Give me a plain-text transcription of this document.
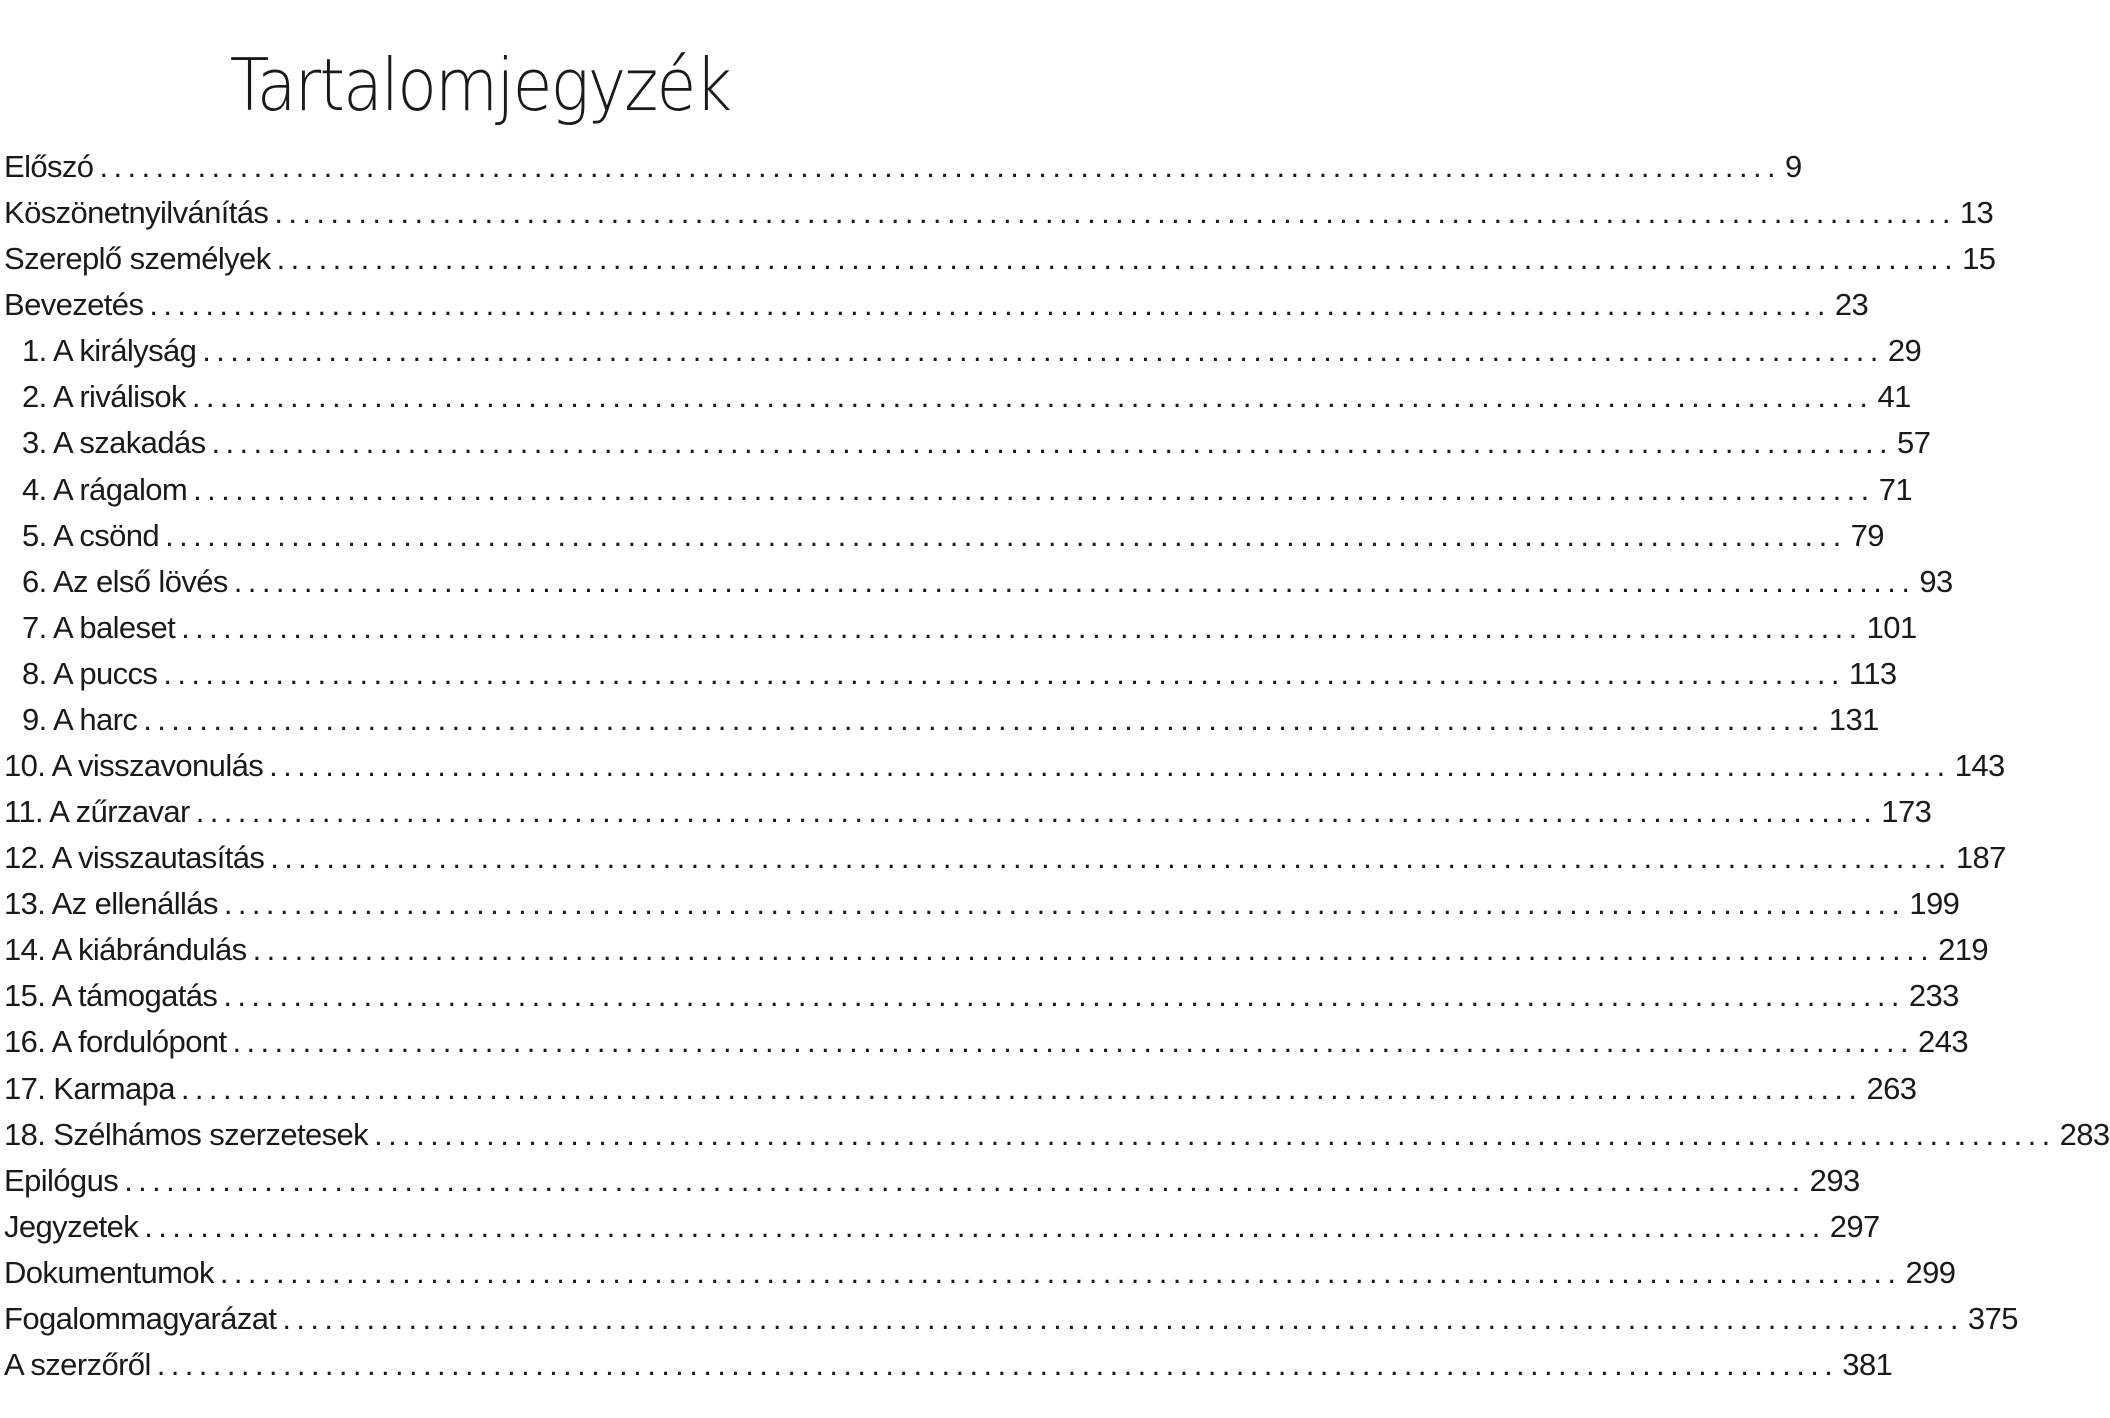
Tartalomjegyzék
Előszó ........................................................................................................................ 9
Köszönetnyilvánítás ........................................................................................................................ 13
Szereplő személyek ........................................................................................................................ 15
Bevezetés ........................................................................................................................ 23
1. A királyság ........................................................................................................................ 29
2. A riválisok ........................................................................................................................ 41
3. A szakadás ........................................................................................................................ 57
4. A rágalom ........................................................................................................................ 71
5. A csönd ........................................................................................................................ 79
6. Az első lövés ........................................................................................................................ 93
7. A baleset ........................................................................................................................ 101
8. A puccs ........................................................................................................................ 113
9. A harc ........................................................................................................................ 131
10. A visszavonulás ........................................................................................................................ 143
11. A zűrzavar ........................................................................................................................ 173
12. A visszautasítás ........................................................................................................................ 187
13. Az ellenállás ........................................................................................................................ 199
14. A kiábrándulás ........................................................................................................................ 219
15. A támogatás ........................................................................................................................ 233
16. A fordulópont ........................................................................................................................ 243
17. Karmapa ........................................................................................................................ 263
18. Szélhámos szerzetesek ........................................................................................................................ 283
Epilógus ........................................................................................................................ 293
Jegyzetek ........................................................................................................................ 297
Dokumentumok ........................................................................................................................ 299
Fogalommagyarázat ........................................................................................................................ 375
A szerzőről ........................................................................................................................ 381
